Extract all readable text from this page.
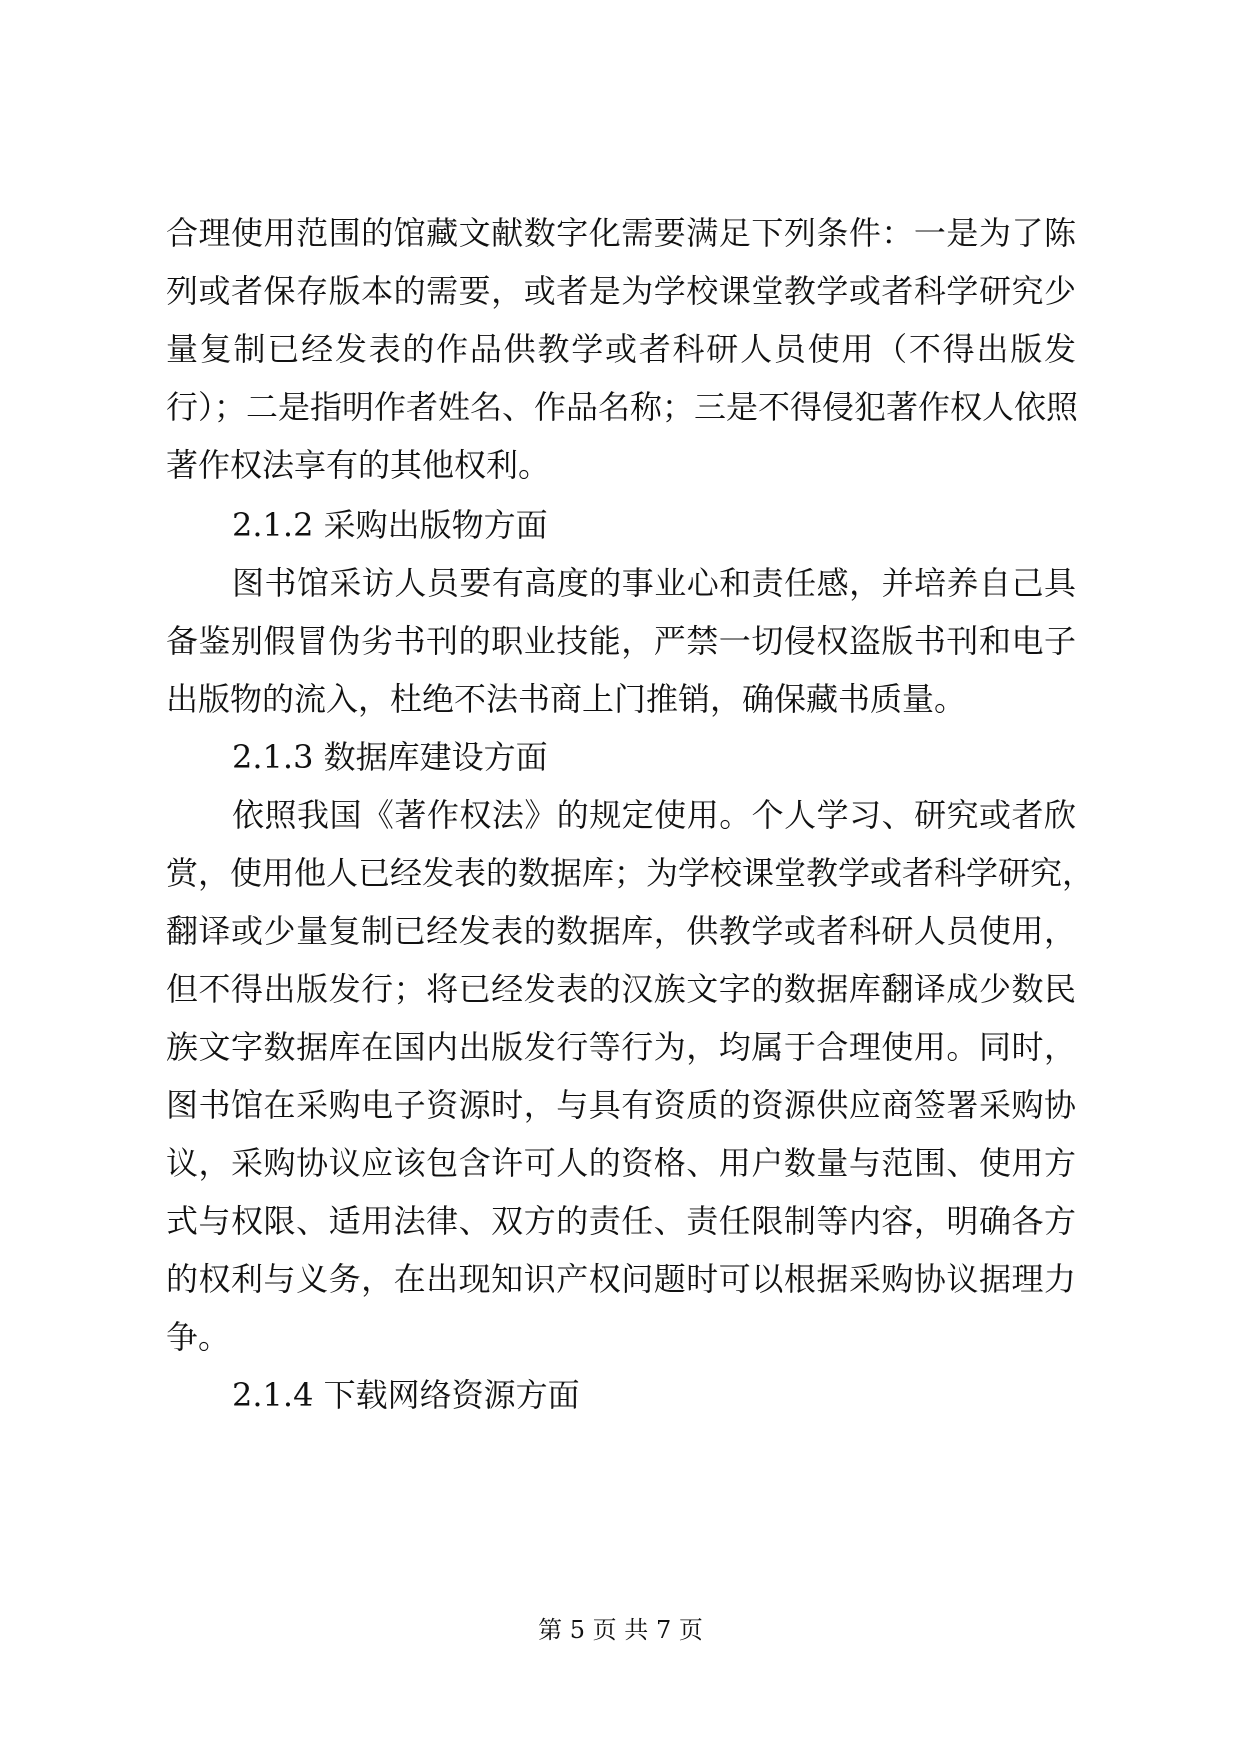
合理使用范围的馆藏文献数字化需要满足下列条件：一是为了陈
列或者保存版本的需要，或者是为学校课堂教学或者科学研究少
量复制已经发表的作品供教学或者科研人员使用（不得出版发
行）；二是指明作者姓名、作品名称；三是不得侵犯著作权人依照
著作权法享有的其他权利。
2.1.2 采购出版物方面
图书馆采访人员要有高度的事业心和责任感，并培养自己具
备鉴别假冒伪劣书刊的职业技能，严禁一切侵权盗版书刊和电子
出版物的流入，杜绝不法书商上门推销，确保藏书质量。
2.1.3 数据库建设方面
依照我国《著作权法》的规定使用。个人学习、研究或者欣
赏，使用他人已经发表的数据库；为学校课堂教学或者科学研究，
翻译或少量复制已经发表的数据库，供教学或者科研人员使用，
但不得出版发行；将已经发表的汉族文字的数据库翻译成少数民
族文字数据库在国内出版发行等行为，均属于合理使用。同时，
图书馆在采购电子资源时，与具有资质的资源供应商签署采购协
议，采购协议应该包含许可人的资格、用户数量与范围、使用方
式与权限、适用法律、双方的责任、责任限制等内容，明确各方
的权利与义务，在出现知识产权问题时可以根据采购协议据理力
争。
2.1.4 下载网络资源方面
第 5 页 共 7 页
